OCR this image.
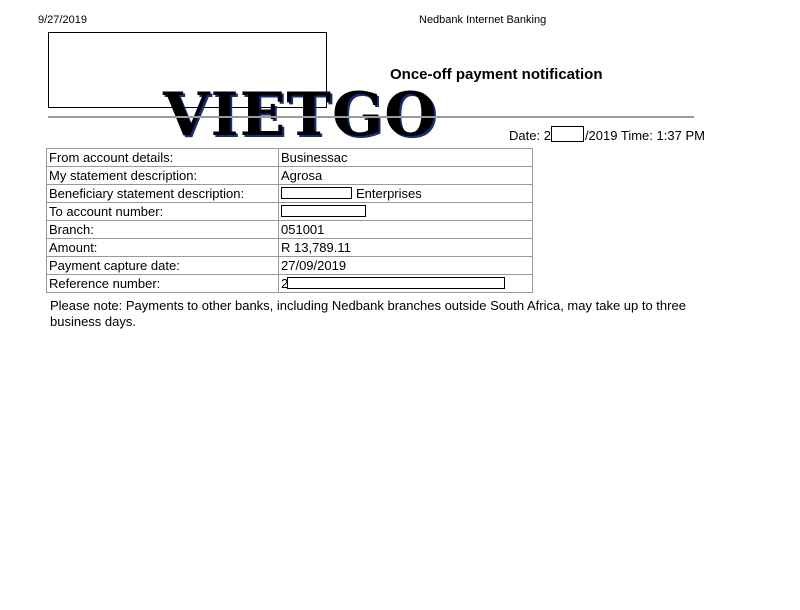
9/27/2019	Nedbank Internet Banking
VIETGO
Once-off payment notification
Date: 2	/2019 Time: 1:37 PM
From account details:	Businessac
My statement description:	Agrosa
Beneficiary statement description:	Enterprises
To account number:	
Branch:	051001
Amount:	R 13,789.11
Payment capture date:	27/09/2019
Reference number:	2
Please note: Payments to other banks, including Nedbank branches outside South Africa, may take up to three business days.
